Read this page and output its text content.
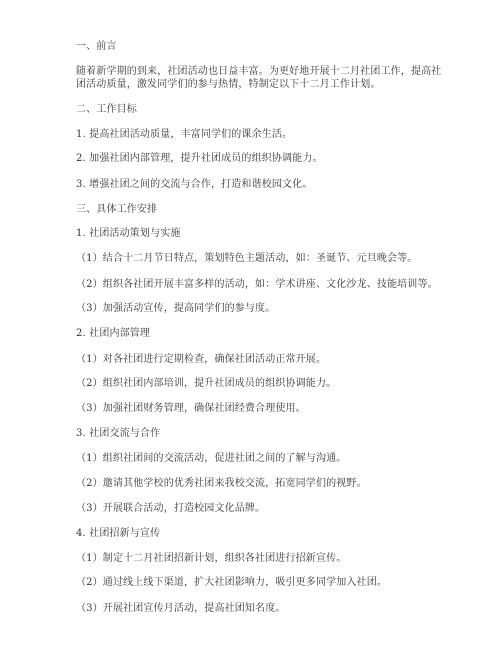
一、前言
随着新学期的到来，社团活动也日益丰富。为更好地开展十二月社团工作，提高社
团活动质量，激发同学们的参与热情，特制定以下十二月工作计划。
二、工作目标
1. 提高社团活动质量，丰富同学们的课余生活。
2. 加强社团内部管理，提升社团成员的组织协调能力。
3. 增强社团之间的交流与合作，打造和谐校园文化。
三、具体工作安排
1. 社团活动策划与实施
（1）结合十二月节日特点，策划特色主题活动，如：圣诞节、元旦晚会等。
（2）组织各社团开展丰富多样的活动，如：学术讲座、文化沙龙、技能培训等。
（3）加强活动宣传，提高同学们的参与度。
2. 社团内部管理
（1）对各社团进行定期检查，确保社团活动正常开展。
（2）组织社团内部培训，提升社团成员的组织协调能力。
（3）加强社团财务管理，确保社团经费合理使用。
3. 社团交流与合作
（1）组织社团间的交流活动，促进社团之间的了解与沟通。
（2）邀请其他学校的优秀社团来我校交流，拓宽同学们的视野。
（3）开展联合活动，打造校园文化品牌。
4. 社团招新与宣传
（1）制定十二月社团招新计划，组织各社团进行招新宣传。
（2）通过线上线下渠道，扩大社团影响力，吸引更多同学加入社团。
（3）开展社团宣传月活动，提高社团知名度。
